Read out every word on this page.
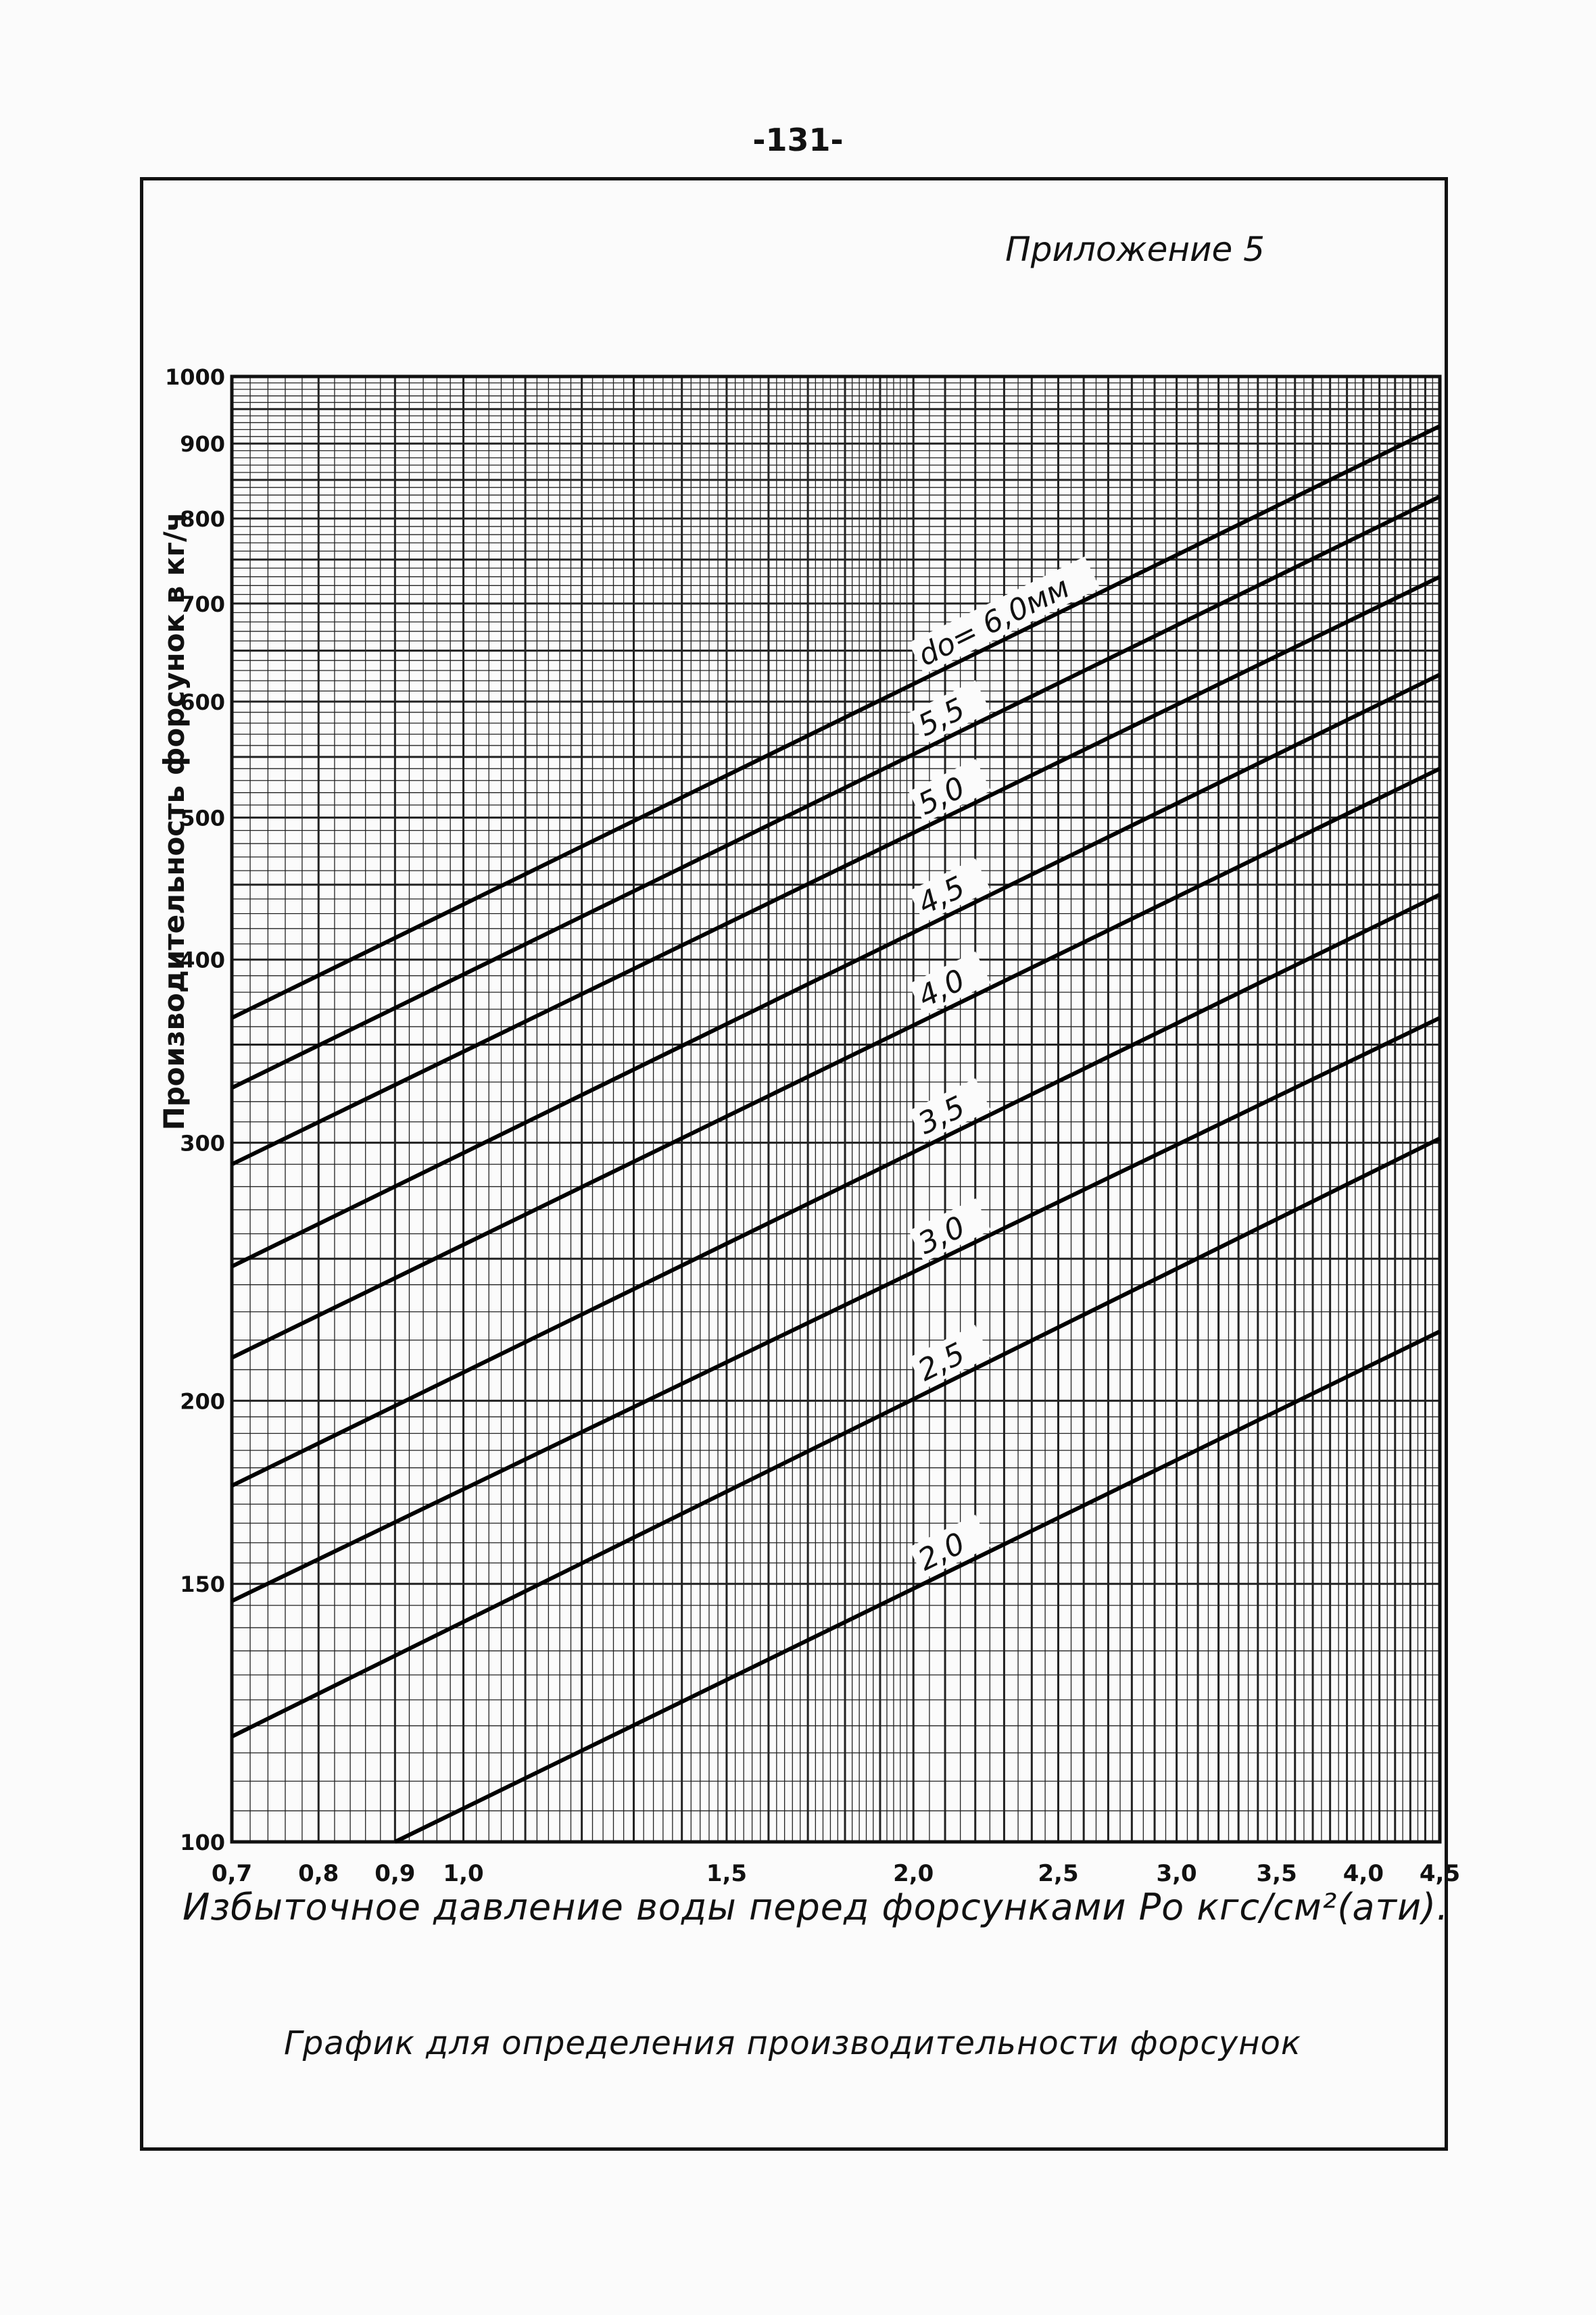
-131-
Приложение 5
do= 6,0мм
5,5
5,0
4,5
4,0
3,5
3,0
2,5
2,0
0,7 0,8 0,9 1,0	1,5	2,0	2,5	3,0	3,5 4,0 4,5
100
150
200
300
400
500
600
700
800
900
1000
Производительность форсунок в кг/ч
Избыточное давление воды перед форсунками Ро кгс/см²(ати).
График для определения производительности форсунок
